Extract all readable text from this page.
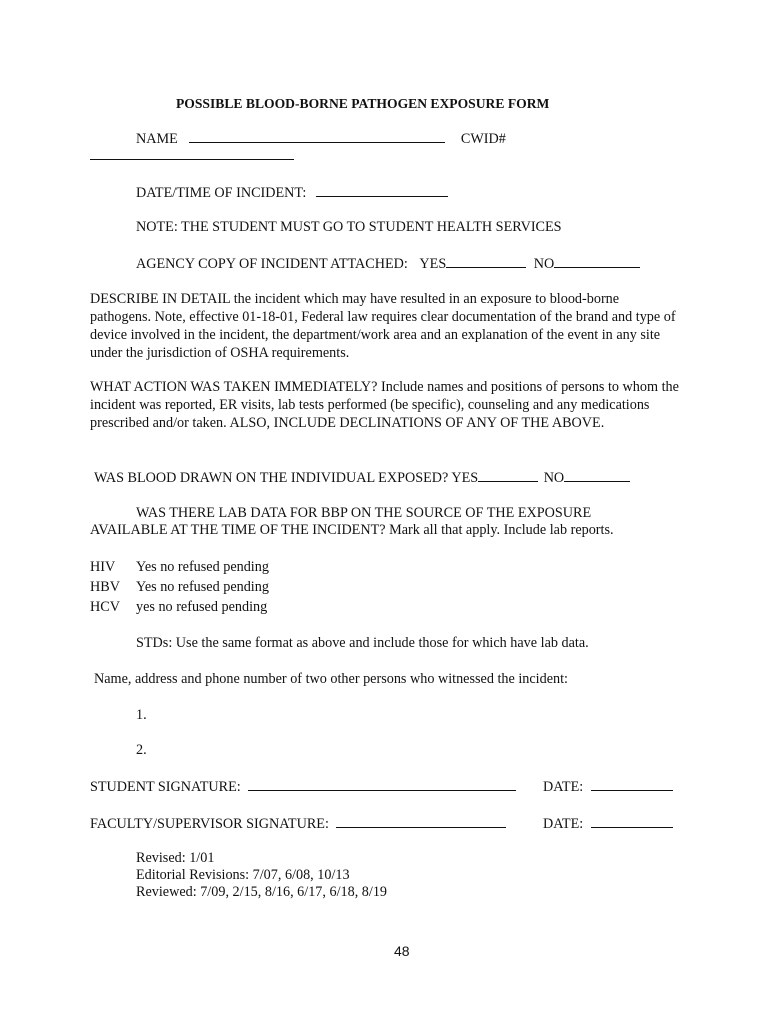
POSSIBLE BLOOD-BORNE PATHOGEN EXPOSURE FORM
NAME	CWID#
DATE/TIME OF INCIDENT:
NOTE: THE STUDENT MUST GO TO STUDENT HEALTH SERVICES
AGENCY COPY OF INCIDENT ATTACHED: YES	NO
DESCRIBE IN DETAIL the incident which may have resulted in an exposure to blood-borne pathogens. Note, effective 01-18-01, Federal law requires clear documentation of the brand and type of device involved in the incident, the department/work area and an explanation of the event in any site under the jurisdiction of OSHA requirements.
WHAT ACTION WAS TAKEN IMMEDIATELY? Include names and positions of persons to whom the incident was reported, ER visits, lab tests performed (be specific), counseling and any medications prescribed and/or taken. ALSO, INCLUDE DECLINATIONS OF ANY OF THE ABOVE.
WAS BLOOD DRAWN ON THE INDIVIDUAL EXPOSED? YES	NO
WAS THERE LAB DATA FOR BBP ON THE SOURCE OF THE EXPOSURE
AVAILABLE AT THE TIME OF THE INCIDENT? Mark all that apply. Include lab reports.
HIV Yes no refused pending
HBV Yes no refused pending
HCV yes no refused pending
STDs: Use the same format as above and include those for which have lab data.
Name, address and phone number of two other persons who witnessed the incident:
1.
2.
STUDENT SIGNATURE:	DATE:
FACULTY/SUPERVISOR SIGNATURE:	DATE:
Revised: 1/01
Editorial Revisions: 7/07, 6/08, 10/13
Reviewed: 7/09, 2/15, 8/16, 6/17, 6/18, 8/19
48
